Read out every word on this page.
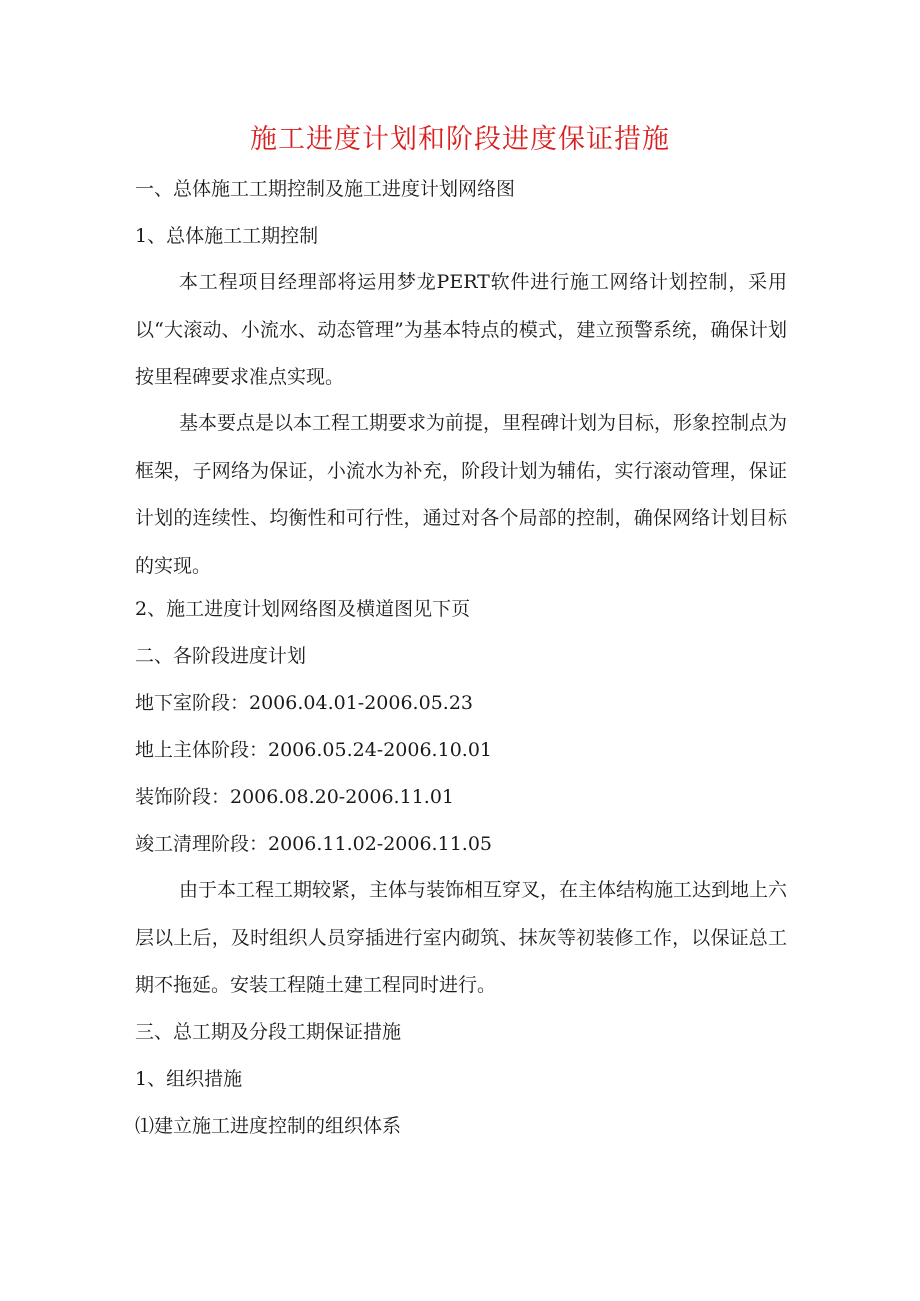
施工进度计划和阶段进度保证措施
一、总体施工工期控制及施工进度计划网络图
1、总体施工工期控制
本工程项目经理部将运用梦龙PERT软件进行施工网络计划控制，采用以“大滚动、小流水、动态管理”为基本特点的模式，建立预警系统，确保计划按里程碑要求准点实现。
基本要点是以本工程工期要求为前提，里程碑计划为目标，形象控制点为框架，子网络为保证，小流水为补充，阶段计划为辅佑，实行滚动管理，保证计划的连续性、均衡性和可行性，通过对各个局部的控制，确保网络计划目标的实现。
2、施工进度计划网络图及横道图见下页
二、各阶段进度计划
地下室阶段：2006.04.01-2006.05.23
地上主体阶段：2006.05.24-2006.10.01
装饰阶段：2006.08.20-2006.11.01
竣工清理阶段：2006.11.02-2006.11.05
由于本工程工期较紧，主体与装饰相互穿叉，在主体结构施工达到地上六层以上后，及时组织人员穿插进行室内砌筑、抹灰等初装修工作，以保证总工期不拖延。安装工程随土建工程同时进行。
三、总工期及分段工期保证措施
1、组织措施
⑴建立施工进度控制的组织体系
